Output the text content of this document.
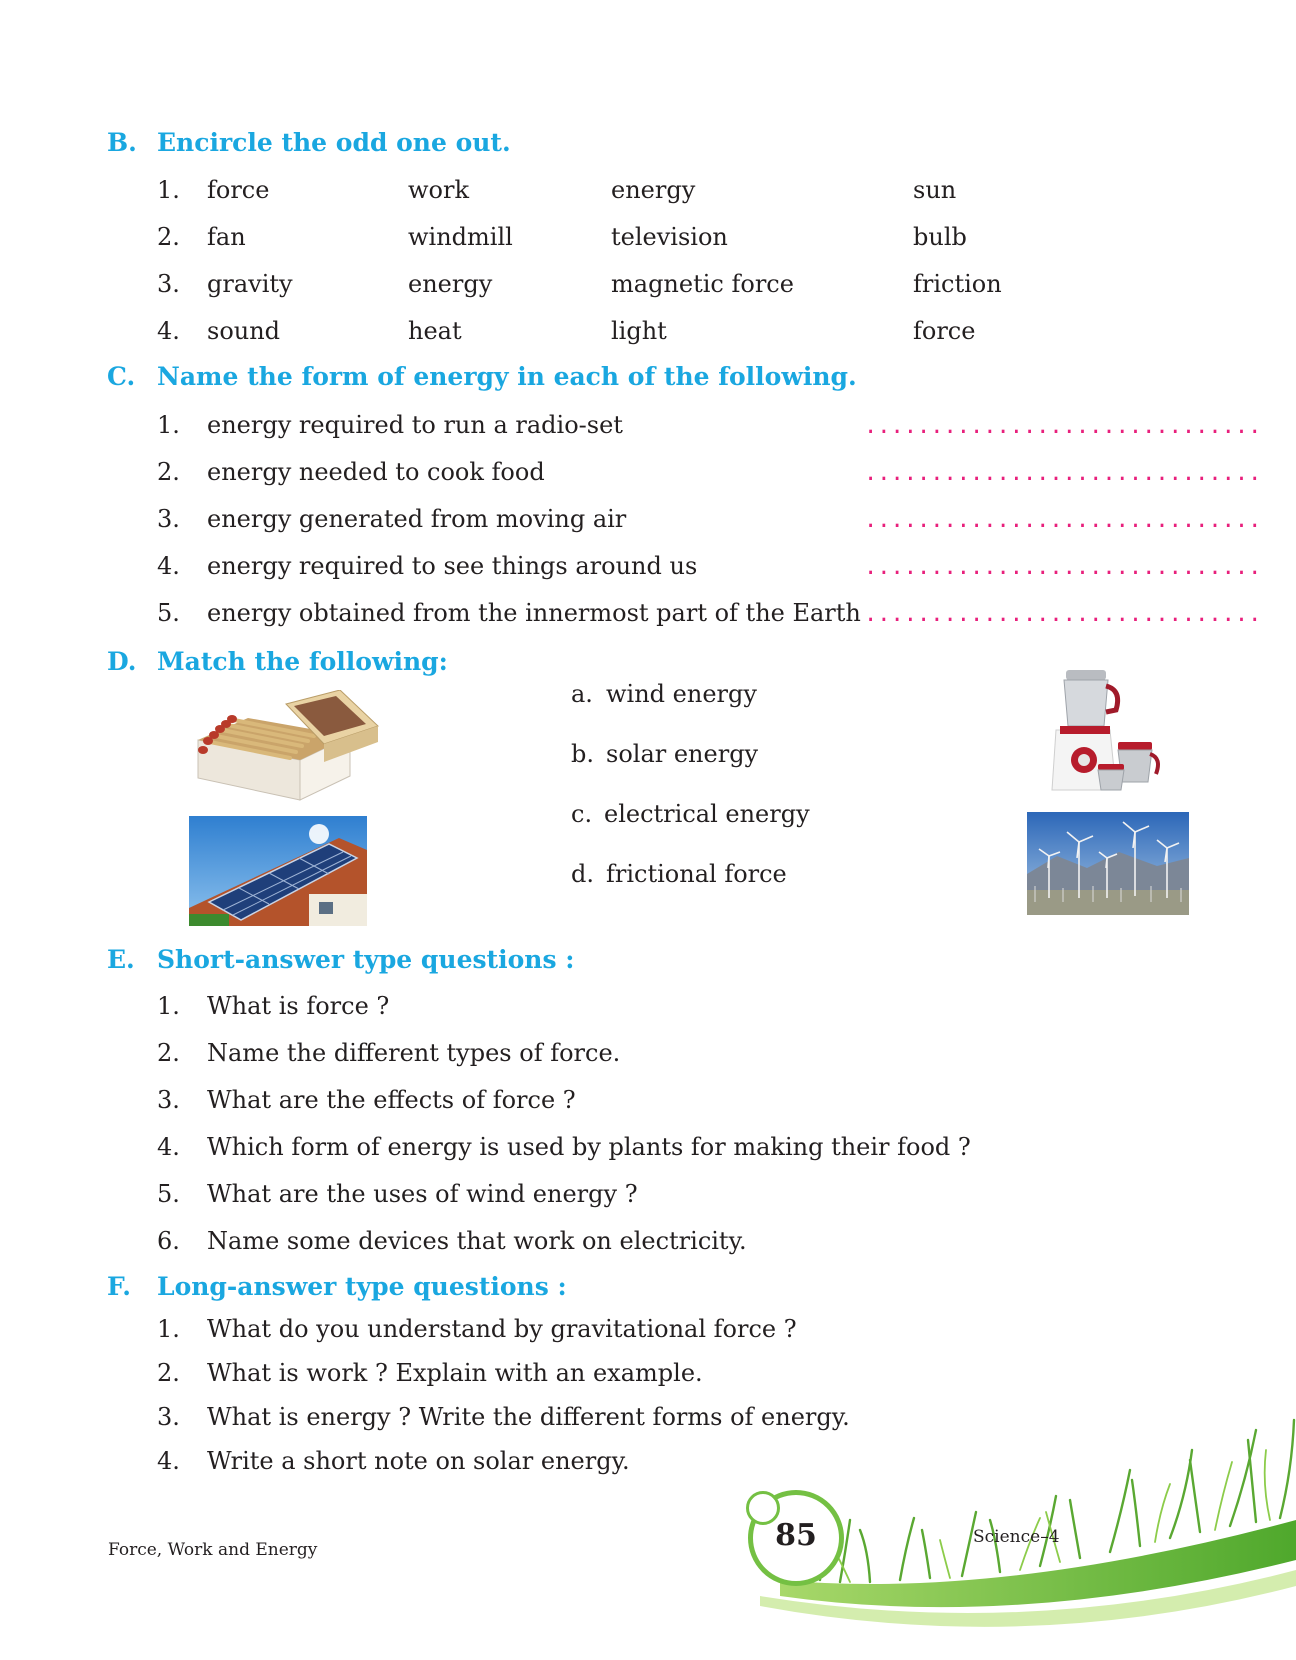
B. Encircle the odd one out.
1. force	work	energy	sun
2. fan	windmill	television	bulb
3. gravity	energy	magnetic force	friction
4. sound	heat	light	force
C. Name the form of energy in each of the following.
1. energy required to run a radio-set	..............................
2. energy needed to cook food	..............................
3. energy generated from moving air	..............................
4. energy required to see things around us	..............................
5. energy obtained from the innermost part of the Earth ..............................
D. Match the following:
a. wind energy
b. solar energy
c. electrical energy
d. frictional force
E. Short-answer type questions :
1. What is force ?
2. Name the different types of force.
3. What are the effects of force ?
4. Which form of energy is used by plants for making their food ?
5. What are the uses of wind energy ?
6. Name some devices that work on electricity.
F. Long-answer type questions :
1. What do you understand by gravitational force ?
2. What is work ? Explain with an example.
3. What is energy ? Write the different forms of energy.
4. Write a short note on solar energy.
85
Force, Work and Energy
Science–4
